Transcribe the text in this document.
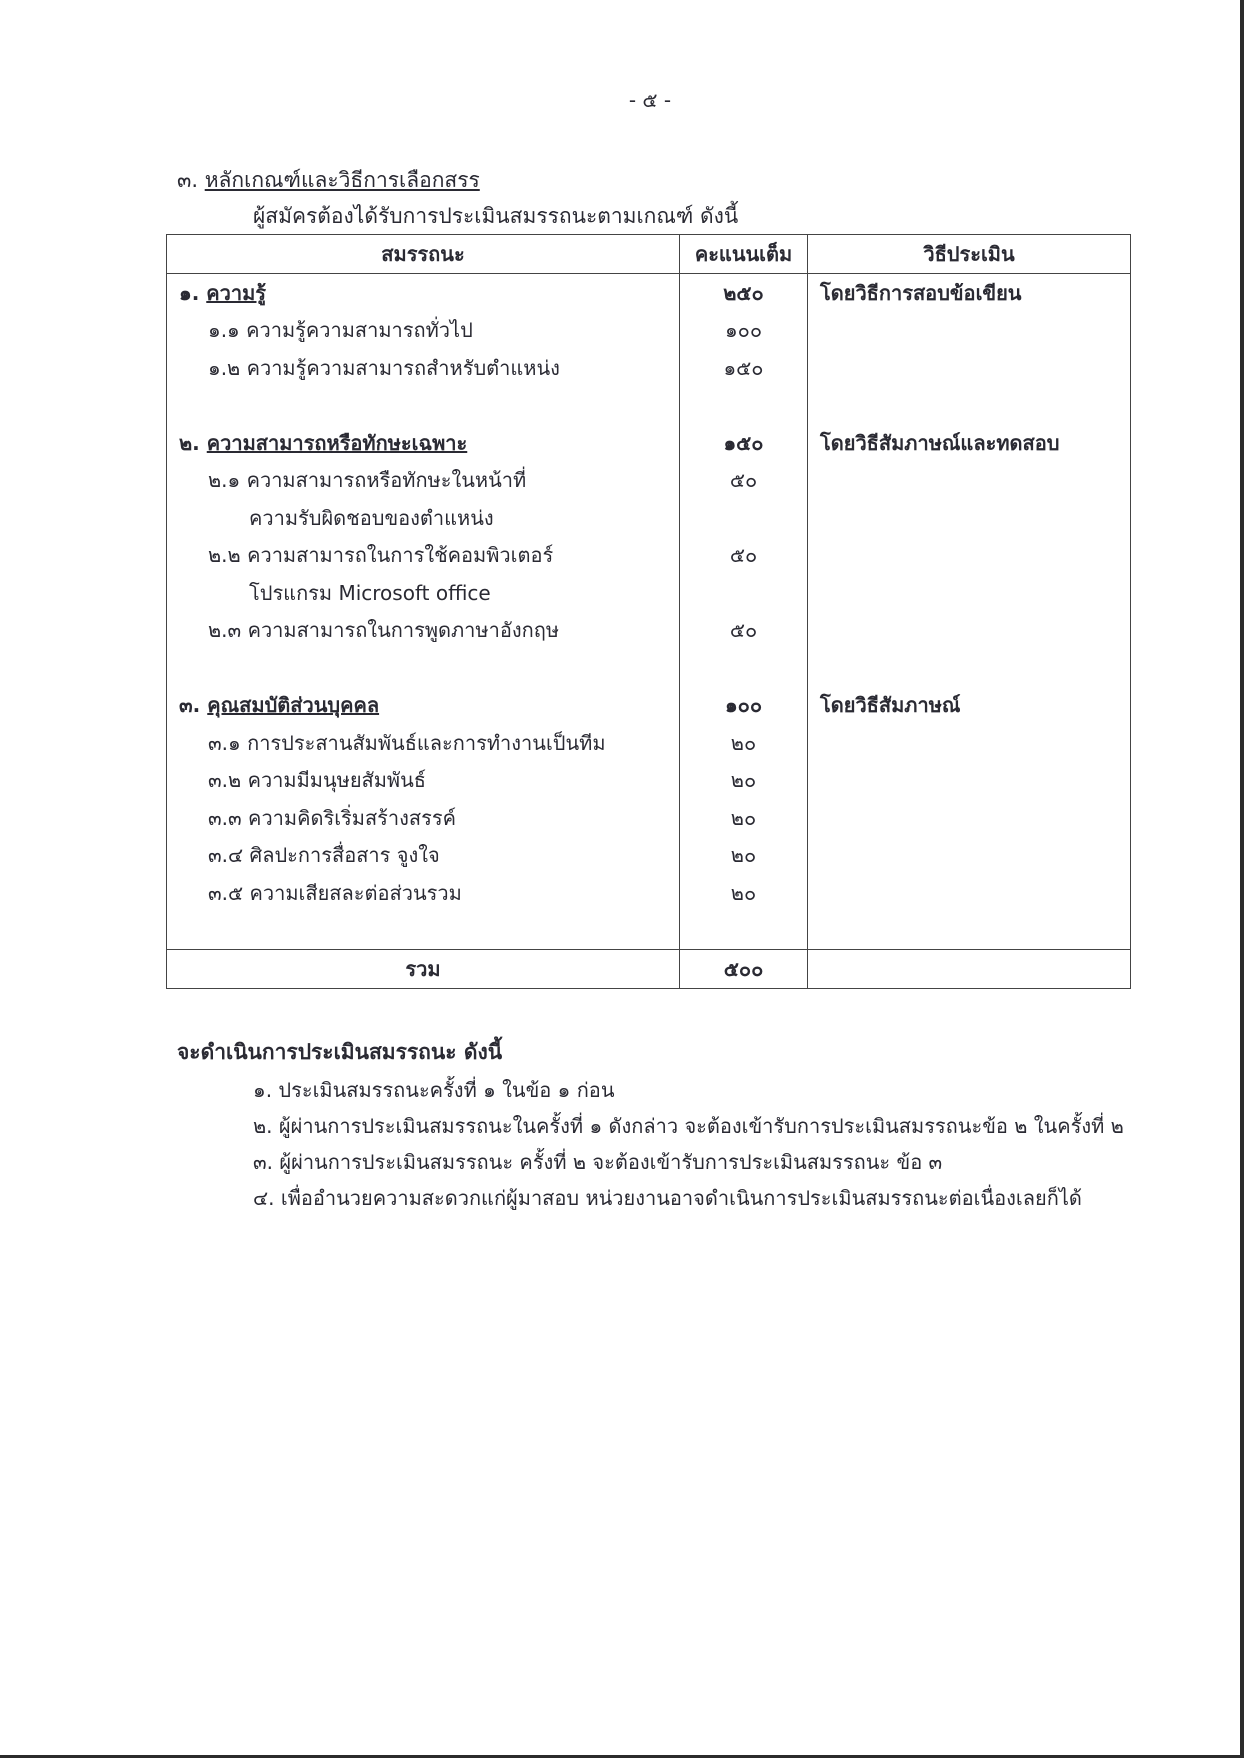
- ๕ -
๓. หลักเกณฑ์และวิธีการเลือกสรร
ผู้สมัครต้องได้รับการประเมินสมรรถนะตามเกณฑ์ ดังนี้
สมรรถนะ	คะแนนเต็ม	วิธีประเมิน
๑. ความรู้	๒๕๐	โดยวิธีการสอบข้อเขียน
๑.๑ ความรู้ความสามารถทั่วไป	๑๐๐	
๑.๒ ความรู้ความสามารถสำหรับตำแหน่ง	๑๕๐	

๒. ความสามารถหรือทักษะเฉพาะ	๑๕๐	โดยวิธีสัมภาษณ์และทดสอบ
๒.๑ ความสามารถหรือทักษะในหน้าที่	๕๐	
ความรับผิดชอบของตำแหน่ง		
๒.๒ ความสามารถในการใช้คอมพิวเตอร์	๕๐	
โปรแกรม Microsoft office		
๒.๓ ความสามารถในการพูดภาษาอังกฤษ	๕๐	

๓. คุณสมบัติส่วนบุคคล	๑๐๐	โดยวิธีสัมภาษณ์
๓.๑ การประสานสัมพันธ์และการทำงานเป็นทีม	๒๐	
๓.๒ ความมีมนุษยสัมพันธ์	๒๐	
๓.๓ ความคิดริเริ่มสร้างสรรค์	๒๐	
๓.๔ ศิลปะการสื่อสาร จูงใจ	๒๐	
๓.๕ ความเสียสละต่อส่วนรวม	๒๐	

รวม	๕๐๐	
จะดำเนินการประเมินสมรรถนะ ดังนี้
๑. ประเมินสมรรถนะครั้งที่ ๑ ในข้อ ๑ ก่อน
๒. ผู้ผ่านการประเมินสมรรถนะในครั้งที่ ๑ ดังกล่าว จะต้องเข้ารับการประเมินสมรรถนะข้อ ๒ ในครั้งที่ ๒
๓. ผู้ผ่านการประเมินสมรรถนะ ครั้งที่ ๒ จะต้องเข้ารับการประเมินสมรรถนะ ข้อ ๓
๔. เพื่ออำนวยความสะดวกแก่ผู้มาสอบ หน่วยงานอาจดำเนินการประเมินสมรรถนะต่อเนื่องเลยก็ได้
